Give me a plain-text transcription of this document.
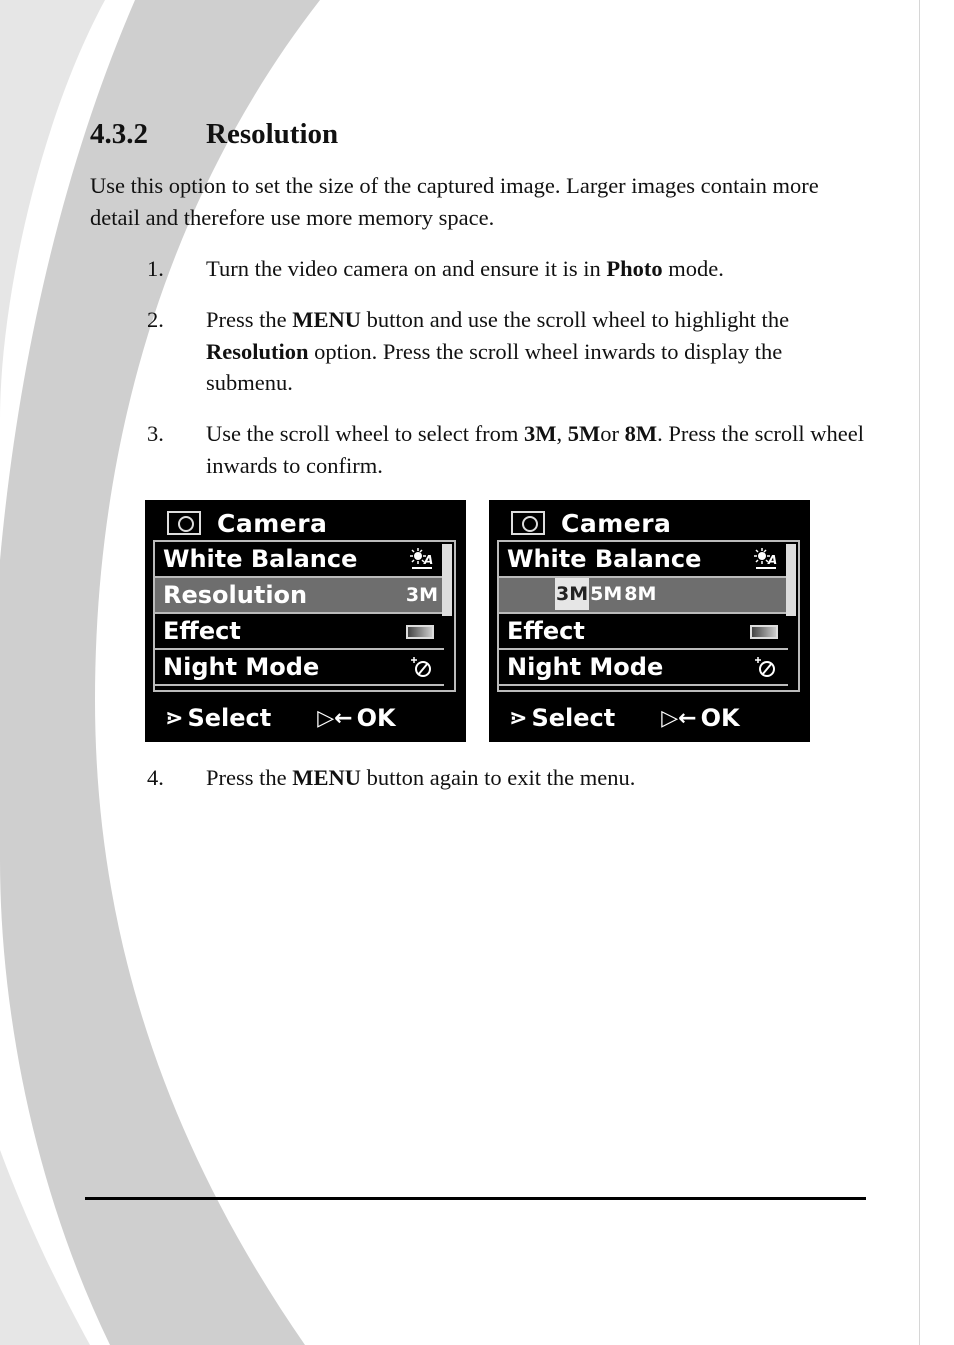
4.3.2 Resolution
Use this option to set the size of the captured image. Larger images contain more detail and therefore use more memory space.
1. Turn the video camera on and ensure it is in Photo mode.
2. Press the MENU button and use the scroll wheel to highlight the Resolution option. Press the scroll wheel inwards to display the submenu.
3. Use the scroll wheel to select from 3M, 5Mor 8M. Press the scroll wheel inwards to confirm.
Camera
White Balance	A
Resolution	3M
Effect
Night Mode
⋗ Select ▷← OK
Camera
White Balance	A
3M 5M 8M
Effect
Night Mode
⋗ Select ▷← OK
4. Press the MENU button again to exit the menu.
